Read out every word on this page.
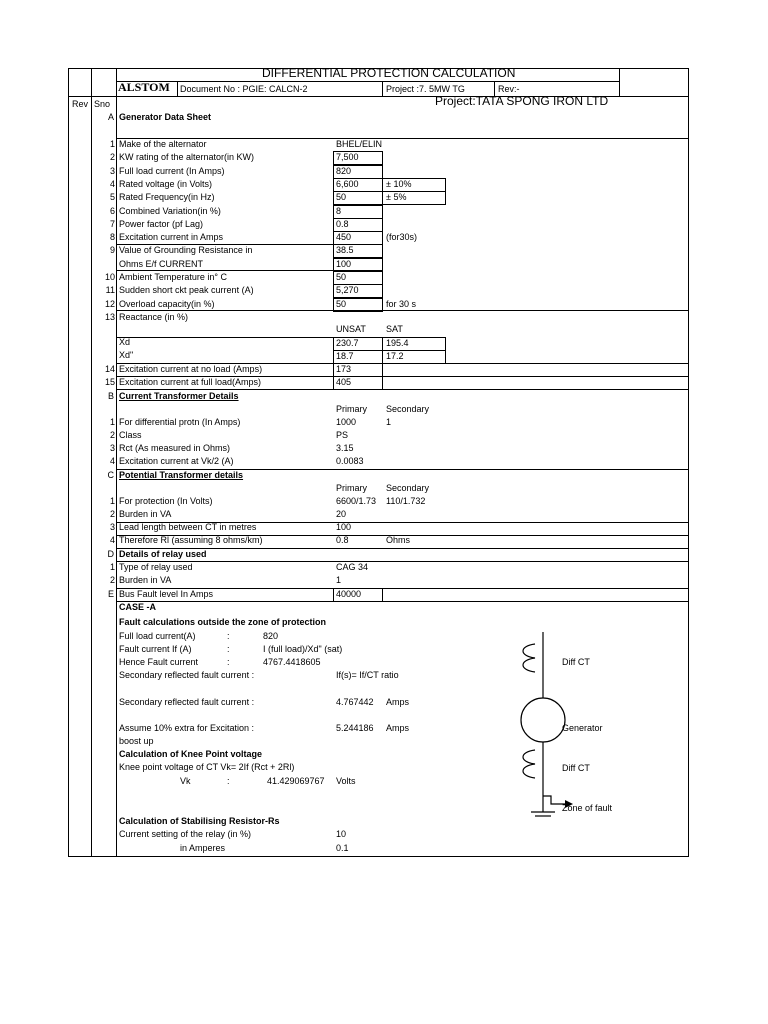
DIFFERENTIAL PROTECTION CALCULATION
ALSTOM Document No : PGIE: CALCN-2	Project :7. 5MW TG	Rev:-
Rev Sno	Project:TATA SPONG IRON LTD
A Generator Data Sheet
1 Make of the alternator	BHEL/ELIN
2 KW rating of the alternator(in KW)	7,500
3 Full load current (In Amps)	820
4 Rated voltage (in Volts)	6,600	± 10%
5 Rated Frequency(in Hz)	50	± 5%
6 Combined Variation(in %)	8
7 Power factor (pf Lag)	0.8
8 Excitation current in Amps	450	(for30s)
9 Value of Grounding Resistance in	38.5
Ohms E/f CURRENT	100
10 Ambient Temperature in° C	50
11 Sudden short ckt peak current (A)	5,270
12 Overload capacity(in %)	50	for 30 s
13 Reactance (in %)
UNSAT SAT
Xd	230.7	195.4
Xd"	18.7	17.2
14 Excitation current at no load (Amps)	173
15 Excitation current at full load(Amps)	405
B Current Transformer Details
Primary Secondary
1 For differential protn (In Amps)	1000	1
2 Class	PS
3 Rct (As measured in Ohms)	3.15
4 Excitation current at Vk/2 (A)	0.0083
C Potential Transformer details
Primary Secondary
1 For protection (In Volts)	6600/1.73 110/1.732
2 Burden in VA	20
3 Lead length between CT in metres	100
4 Therefore Rl (assuming 8 ohms/km)	0.8	Ohms
D Details of relay used
1 Type of relay used	CAG 34
2 Burden in VA	1
E Bus Fault level In Amps	40000
CASE -A
Fault calculations outside the zone of protection
Full load current(A)	:	820
Fault current If (A)	:	I (full load)/Xd" (sat)
Hence Fault current	:	4767.4418605
Secondary reflected fault current :	If(s)= If/CT ratio
Secondary reflected fault current :	4.767442 Amps
Assume 10% extra for Excitation :	5.244186 Amps
boost up
Calculation of Knee Point voltage
Knee point voltage of CT Vk= 2If (Rct + 2Rl)
Vk	:	41.429069767 Volts
Calculation of Stabilising Resistor-Rs
Current setting of the relay (in %)	10
in Amperes	0.1
Diff CT
Generator
Diff CT
Zone of fault
